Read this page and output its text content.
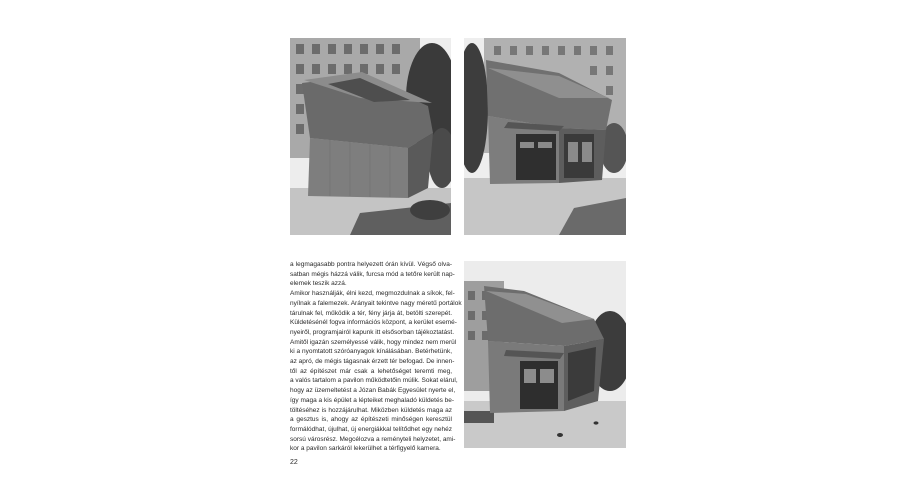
a legmagasabb pontra helyezett órán kívül. Végső olva-
satban mégis házzá válik, furcsa mód a tetőre került nap-
elemek teszik azzá.
Amikor használják, élni kezd, megmozdulnak a síkok, fel-
nyílnak a falemezek. Arányait tekintve nagy méretű portálok
tárulnak fel, működik a tér, fény járja át, betölti szerepét.
Küldetésénél fogva információs központ, a kerület esemé-
nyeiről, programjairól kapunk itt elsősorban tájékoztatást.
Amitől igazán személyessé válik, hogy mindez nem merül
ki a nyomtatott szóróanyagok kínálásában. Betérhetünk,
az apró, de mégis tágasnak érzett tér befogad. De innen-
től az építészet már csak a lehetőséget teremti meg,
a valós tartalom a pavilon működtetőin múlik. Sokat elárul,
hogy az üzemeltetést a Józan Babák Egyesület nyerte el,
így maga a kis épület a lépteiket meghaladó küldetés be-
töltéséhez is hozzájárulhat. Miközben küldetés maga az
a gesztus is, ahogy az építészeti minőségen keresztül
formálódhat, újulhat, új energiákkal telítődhet egy nehéz
sorsú városrész. Megcélozva a reményteli helyzetet, ami-
kor a pavilon sarkáról lekerülhet a térfigyelő kamera.

22
